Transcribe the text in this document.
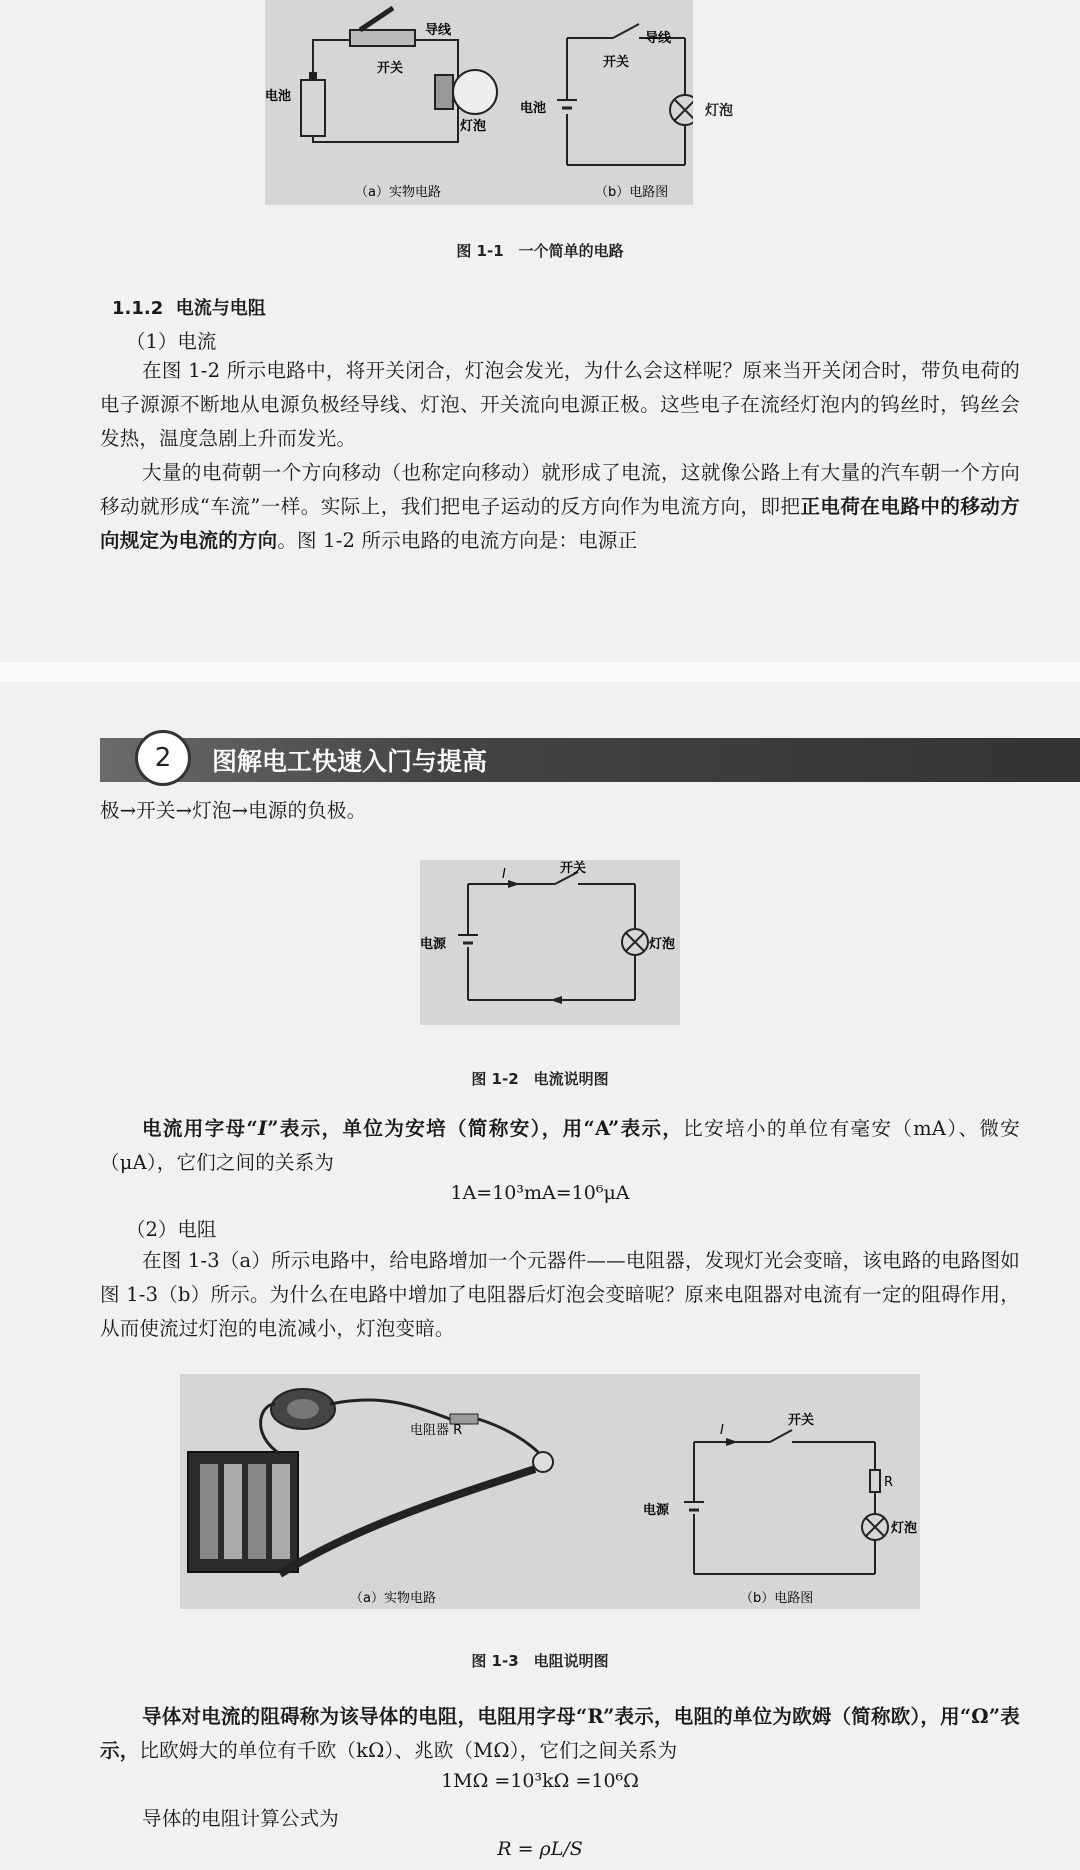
开关
导线
电池
灯泡
（a）实物电路
开关
导线
电池
（b）电路图
灯泡
图 1-1　一个简单的电路
1.1.2 电流与电阻
（1）电流

在图 1-2 所示电路中，将开关闭合，灯泡会发光，为什么会这样呢？原来当开关闭合时，带负电荷的电子源源不断地从电源负极经导线、灯泡、开关流向电源正极。这些电子在流经灯泡内的钨丝时，钨丝会发热，温度急剧上升而发光。

大量的电荷朝一个方向移动（也称定向移动）就形成了电流，这就像公路上有大量的汽车朝一个方向移动就形成“车流”一样。实际上，我们把电子运动的反方向作为电流方向，即把正电荷在电路中的移动方向规定为电流的方向。图 1-2 所示电路的电流方向是：电源正

2	图解电工快速入门与提高

极→开关→灯泡→电源的负极。

I	开关
电源	灯泡
图 1-2　电流说明图

电流用字母“I”表示，单位为安培（简称安），用“A”表示，比安培小的单位有毫安（mA）、微安（μA），它们之间的关系为

1A=10³mA=10⁶μA
（2）电阻

在图 1-3（a）所示电路中，给电路增加一个元器件——电阻器，发现灯光会变暗，该电路的电路图如图 1-3（b）所示。为什么在电路中增加了电阻器后灯泡会变暗呢？原来电阻器对电流有一定的阻碍作用，从而使流过灯泡的电流减小，灯泡变暗。

电阻器 R
（a）实物电路
I
开关
R
电源
灯泡
（b）电路图
图 1-3　电阻说明图

导体对电流的阻碍称为该导体的电阻，电阻用字母“R”表示，电阻的单位为欧姆（简称欧），用“Ω”表示，比欧姆大的单位有千欧（kΩ）、兆欧（MΩ），它们之间关系为

1MΩ =10³kΩ =10⁶Ω

导体的电阻计算公式为

R = ρL/S
